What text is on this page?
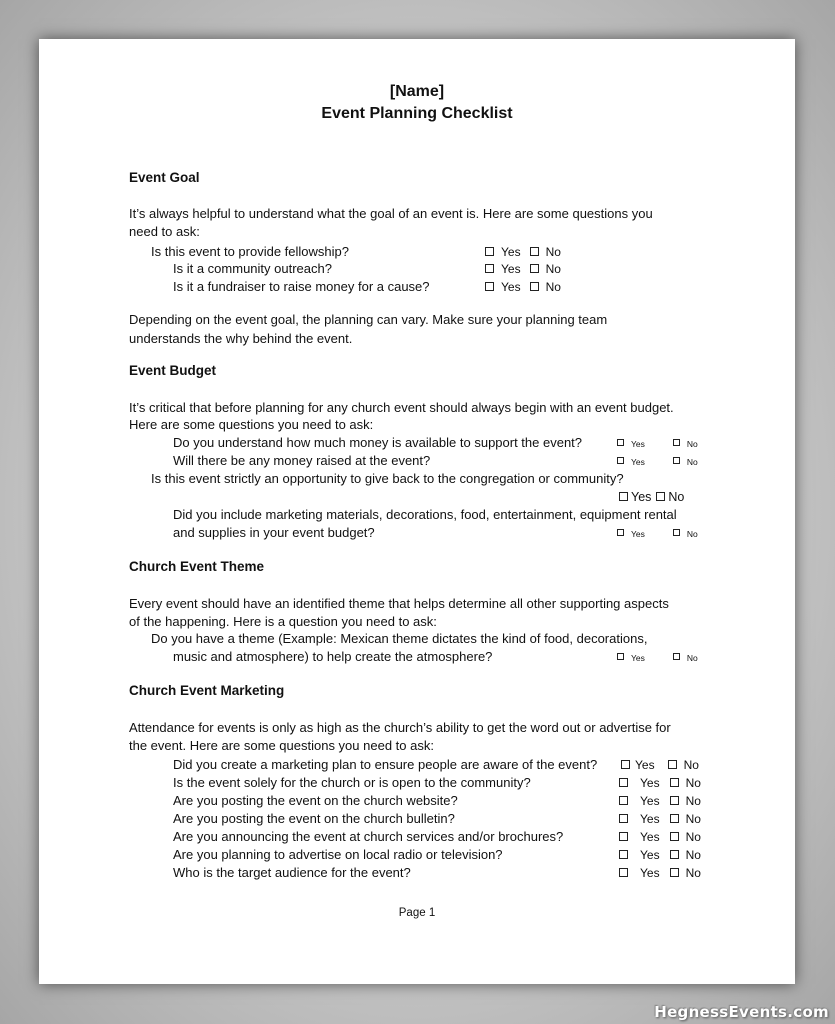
[Name]
Event Planning Checklist
Event Goal
It’s always helpful to understand what the goal of an event is. Here are some questions you
need to ask:
Is this event to provide fellowship?	Yes No
Is it a community outreach?	Yes No
Is it a fundraiser to raise money for a cause?	Yes No
Depending on the event goal, the planning can vary. Make sure your planning team
understands the why behind the event.
Event Budget
It’s critical that before planning for any church event should always begin with an event budget.
Here are some questions you need to ask:
Do you understand how much money is available to support the event?	Yes	No
Will there be any money raised at the event?	Yes	No
Is this event strictly an opportunity to give back to the congregation or community?
Yes No
Did you include marketing materials, decorations, food, entertainment, equipment rental
and supplies in your event budget?	Yes	No
Church Event Theme
Every event should have an identified theme that helps determine all other supporting aspects
of the happening. Here is a question you need to ask:
Do you have a theme (Example: Mexican theme dictates the kind of food, decorations,
music and atmosphere) to help create the atmosphere?	Yes	No
Church Event Marketing
Attendance for events is only as high as the church’s ability to get the word out or advertise for
the event. Here are some questions you need to ask:
Did you create a marketing plan to ensure people are aware of the event?	Yes No
Is the event solely for the church or is open to the community?	Yes No
Are you posting the event on the church website?	Yes No
Are you posting the event on the church bulletin?	Yes No
Are you announcing the event at church services and/or brochures?	Yes No
Are you planning to advertise on local radio or television?	Yes No
Who is the target audience for the event?	Yes No
Page 1
HegnessEvents.com
